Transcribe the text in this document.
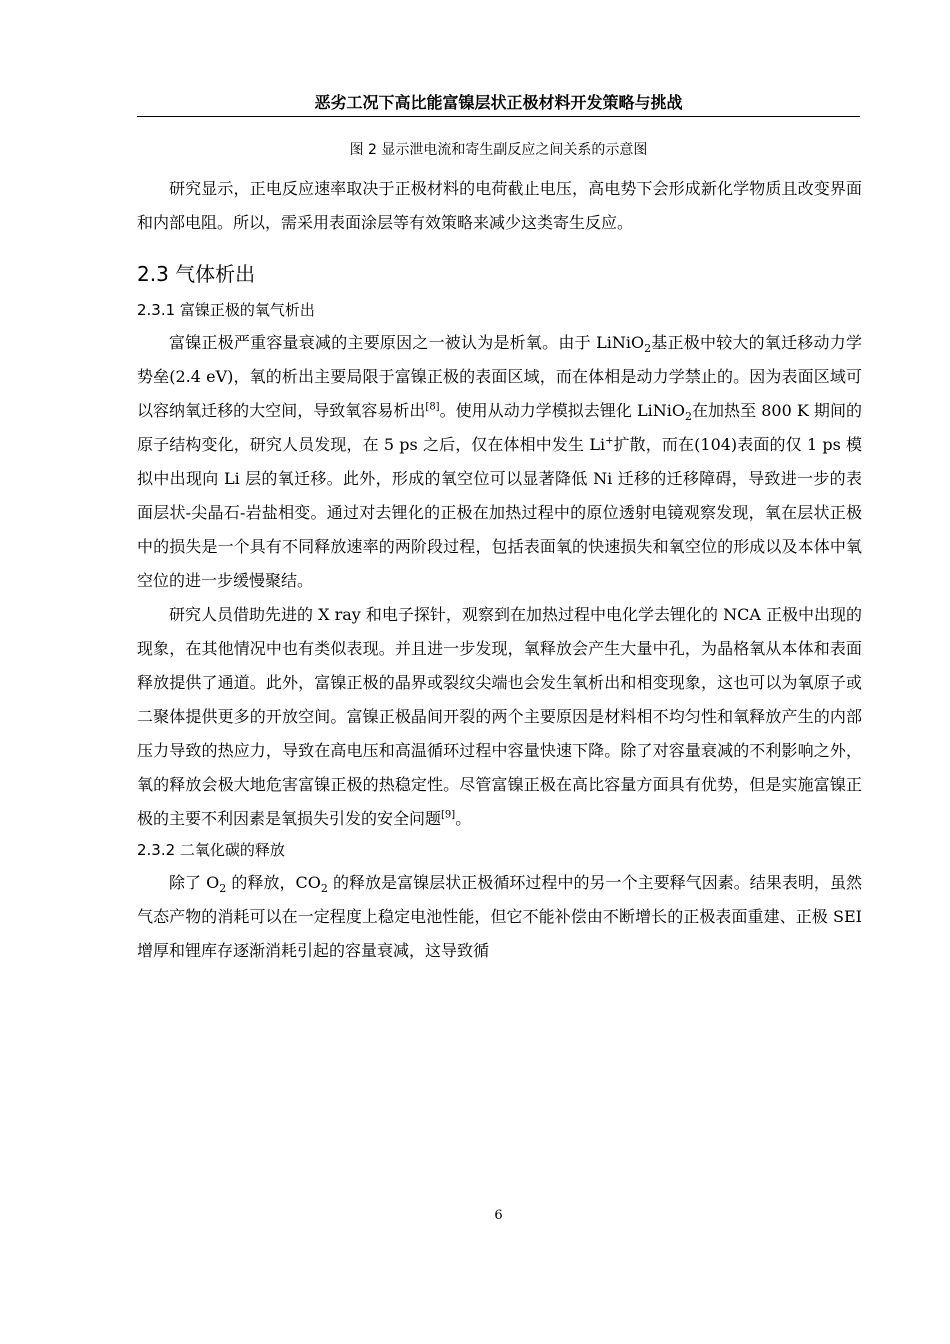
恶劣工况下高比能富镍层状正极材料开发策略与挑战
图 2 显示泄电流和寄生副反应之间关系的示意图

研究显示，正电反应速率取决于正极材料的电荷截止电压，高电势下会形成新化学物质且改变界面和内部电阻。所以，需采用表面涂层等有效策略来减少这类寄生反应。

2.3 气体析出
2.3.1 富镍正极的氧气析出

富镍正极严重容量衰减的主要原因之一被认为是析氧。由于 LiNiO$_2$基正极中较大的氧迁移动力学势垒(2.4 eV)，氧的析出主要局限于富镍正极的表面区域，而在体相是动力学禁止的。因为表面区域可以容纳氧迁移的大空间，导致氧容易析出[8]。使用从动力学模拟去锂化 LiNiO$_2$在加热至 800 K 期间的原子结构变化，研究人员发现，在 5 ps 之后，仅在体相中发生 Li+扩散，而在(104)表面的仅 1 ps 模拟中出现向 Li 层的氧迁移。此外，形成的氧空位可以显著降低 Ni 迁移的迁移障碍，导致进一步的表面层状-尖晶石-岩盐相变。通过对去锂化的正极在加热过程中的原位透射电镜观察发现，氧在层状正极中的损失是一个具有不同释放速率的两阶段过程，包括表面氧的快速损失和氧空位的形成以及本体中氧空位的进一步缓慢聚结。

研究人员借助先进的 X ray 和电子探针，观察到在加热过程中电化学去锂化的 NCA 正极中出现的现象，在其他情况中也有类似表现。并且进一步发现，氧释放会产生大量中孔，为晶格氧从本体和表面释放提供了通道。此外，富镍正极的晶界或裂纹尖端也会发生氧析出和相变现象，这也可以为氧原子或二聚体提供更多的开放空间。富镍正极晶间开裂的两个主要原因是材料相不均匀性和氧释放产生的内部压力导致的热应力，导致在高电压和高温循环过程中容量快速下降。除了对容量衰减的不利影响之外，氧的释放会极大地危害富镍正极的热稳定性。尽管富镍正极在高比容量方面具有优势，但是实施富镍正极的主要不利因素是氧损失引发的安全问题[9]。

2.3.2 二氧化碳的释放

除了 $O_2$ 的释放，$CO_2$ 的释放是富镍层状正极循环过程中的另一个主要释气因素。结果表明，虽然气态产物的消耗可以在一定程度上稳定电池性能，但它不能补偿由不断增长的正极表面重建、正极 SEI 增厚和锂库存逐渐消耗引起的容量衰减，这导致循

6
